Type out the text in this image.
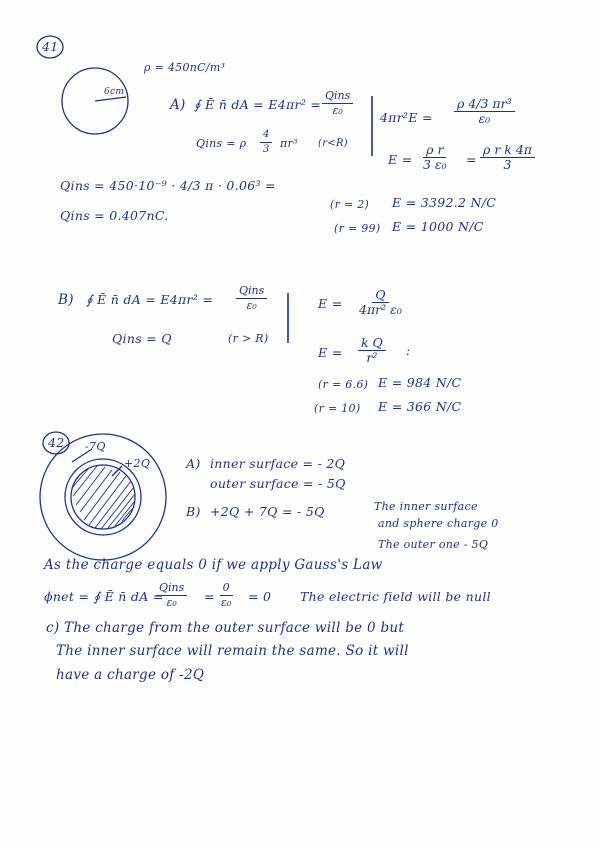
41
ρ = 450nC/m³
6cm
A) ∮ Ē n̄ dA = E4πr² =
Qins
ε₀
Qins = ρ $\frac{4}{3} \pi r^3$ (r<R)
$4\pi r^2E = \frac{\text{ρ 4/3 πr³}}{\text{ε₀}}$
$E = \frac{\text{ρ r}}{\text{3 ε₀}} = \frac{\text{ρ r k 4π}}{3}$
Qins = 450·10⁻⁹ · 4/3 π · 0.06³ =
Qins = 0.407nC.
(r = 2) E = 3392.2 N/C
(r = 99) E = 1000 N/C
B) ∮ Ē n̄ dA = E4πr² =
Qins
ε₀
Qins = Q	(r > R)
$E = \frac{Q}{\text{4πr² ε₀}}$
$E = \frac{\text{k Q}}{\text{r²}}$ :
(r = 6.6) E = 984 N/C
(r = 10) E = 366 N/C
42 -7Q
+2Q	A) inner surface = - 2Q
outer surface = - 5Q
B) +2Q + 7Q = - 5Q	The inner surface
and sphere charge 0
The outer one - 5Q
As the charge equals 0 if we apply Gauss's Law
ϕnet = ∮ Ē n̄ dA =
Qins
$\varepsilon_0 = \frac{0}{\text{ε₀}} = 0$ The electric field will be null
c) The charge from the outer surface will be 0 but
The inner surface will remain the same. So it will
have a charge of -2Q
